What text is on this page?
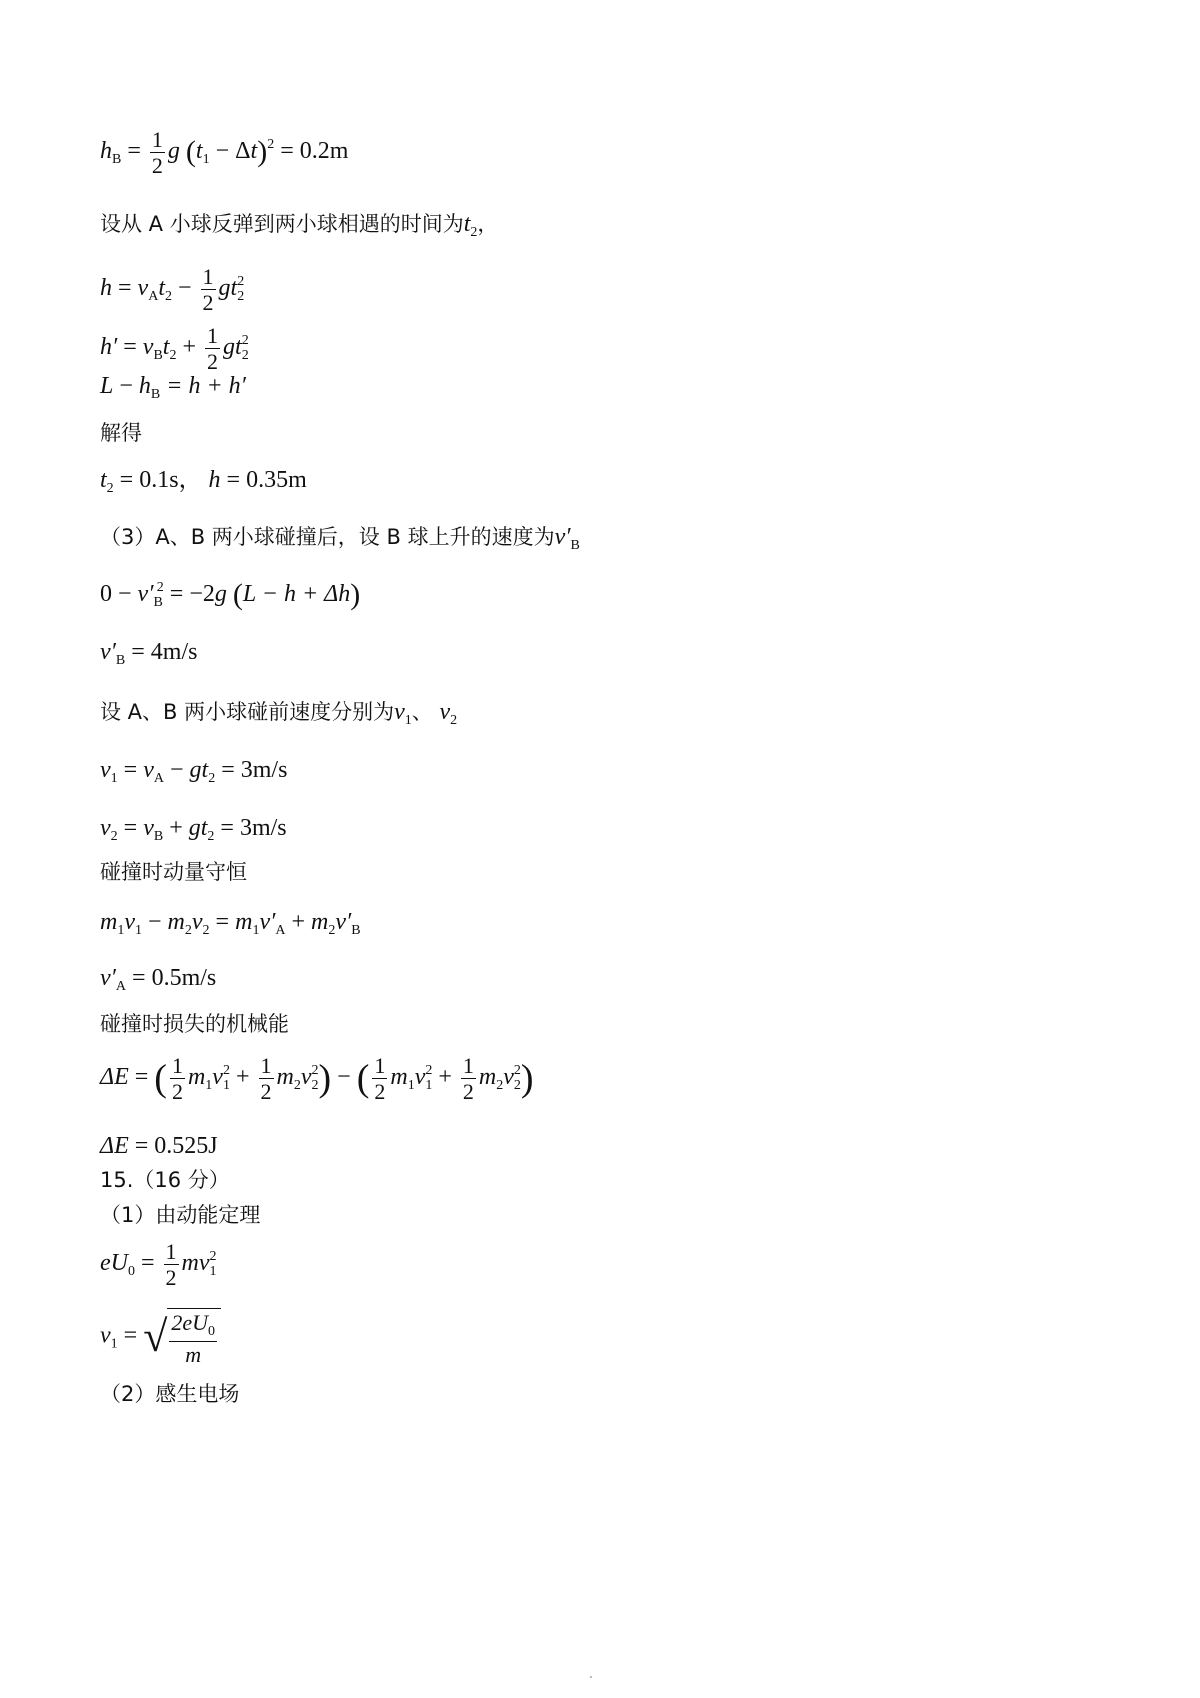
$h_B = \frac{1}{2}$ g $(t_1 - \Delta t)^2 = 0.2m$
设从 A 小球反弹到两小球相遇的时间为$t_2$，
$h = v_At_2 - \frac{1}{2} gt_2^2$
$h' = v_Bt_2 + \frac{1}{2} gt_2^2$
$L - h_B = h + h'$
解得
$t_2 = 0.1s$， h = 0.35m
（3）A、B 两小球碰撞后，设 B 球上升的速度为$v'_B$
$0 - v'_B^2 = -2g$ (L − h + Δh)
$v'_B = 4m/s$
设 A、B 两小球碰前速度分别为$v_1$、 $v_2$
$v_1 = v_A - gt_2 = 3m/s$
$v_2 = v_B + gt_2 = 3m/s$
碰撞时动量守恒
$m_1v_1 - m_2v_2 = m_1v'_A + m_2v'_B$
$v'_A = 0.5m/s$
碰撞时损失的机械能
ΔE = ( $\frac{1}{2} m_1v_1^2 + \frac{1}{2} m_2v_2^2$) − ( $\frac{1}{2} m_1v_1^2 + \frac{1}{2} m_2v_2^2$)
ΔE = 0.525J
15.（16 分）
（1）由动能定理
$eU_0 = \frac{1}{2} mv_1^2$
$v_1$ = √ $\frac{2eU_0}{m}$
（2）感生电场
